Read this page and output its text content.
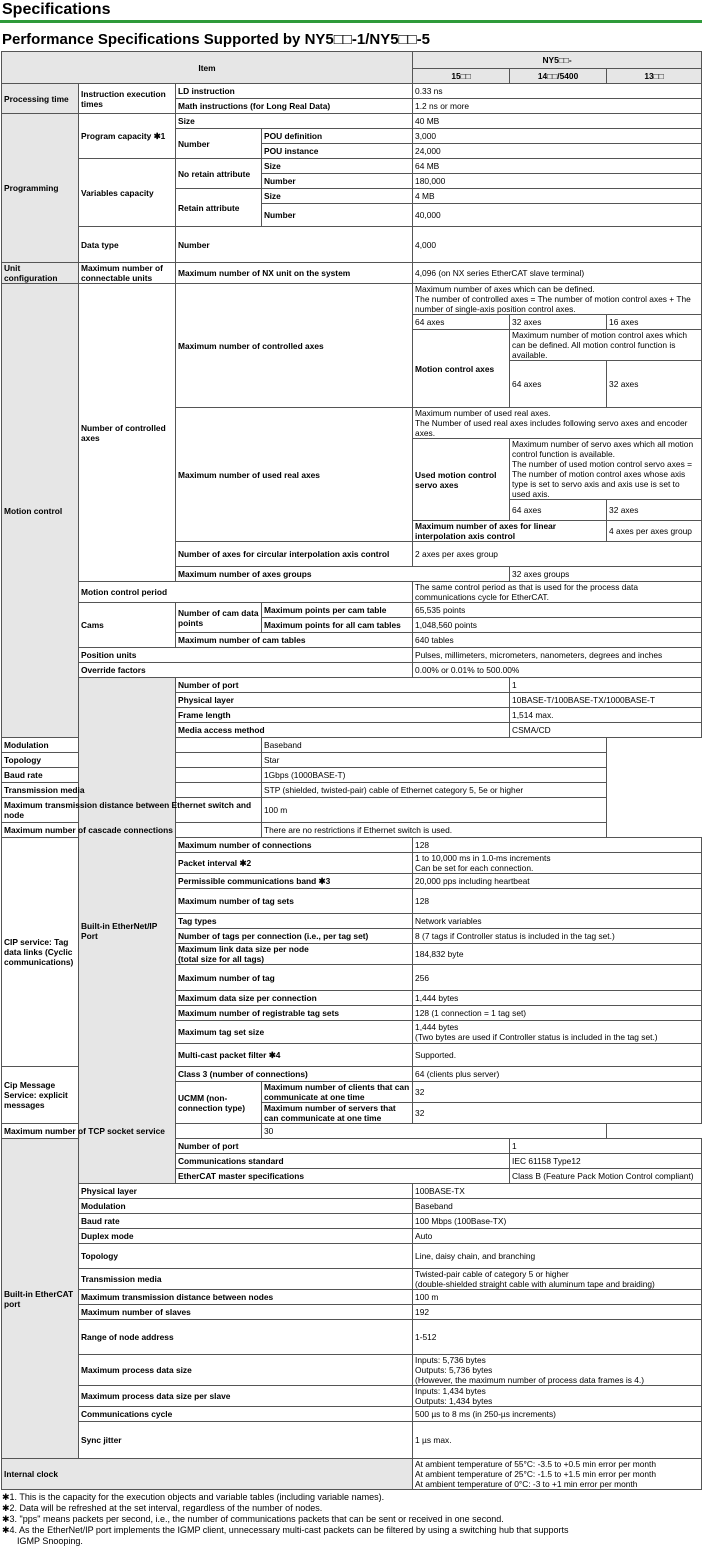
Specifications
Performance Specifications Supported by NY5□□-1/NY5□□-5
Item				NY5□□-			
				15□□	14□□/5400	13□□	
Processing time	Instruction execution times	LD instruction		0.33 ns			
		Math instructions (for Long Real Data)		1.2 ns or more			
Programming	Program capacity ✱1	Size		40 MB			
		Number	POU definition	3,000			
			POU instance	24,000			
	Variables capacity	No retain attribute	Size	64 MB			
			Number	180,000			
		Retain attribute	Size	4 MB			
			Number	40,000			
	Data type	Number		4,000			
Unit configuration	Maximum number of connectable units	Maximum number of NX unit on the system		4,096 (on NX series EtherCAT slave terminal)			
Motion control	Number of controlled axes	Maximum number of controlled axes		Maximum number of axes which can be defined.
The number of controlled axes = The number of motion control axes + The number of single-axis position control axes.			
				64 axes	32 axes	16 axes	
				Motion control axes	Maximum number of motion control axes which can be defined. All motion control function is available.		
					64 axes	32 axes	
		Maximum number of used real axes		Maximum number of used real axes.
The Number of used real axes includes following servo axes and encoder axes.			
				Used motion control servo axes	Maximum number of servo axes which all motion control function is available.
The number of used motion control servo axes = The number of motion control axes whose axis type is set to servo axis and axis use is set to used axis.		
					64 axes	32 axes	
				Maximum number of axes for linear interpolation axis control		4 axes per axes group	
		Number of axes for circular interpolation axis control		2 axes per axes group			
		Maximum number of axes groups			32 axes groups		
	Motion control period			The same control period as that is used for the process data communications cycle for EtherCAT.			
	Cams	Number of cam data points	Maximum points per cam table	65,535 points			
			Maximum points for all cam tables	1,048,560 points			
		Maximum number of cam tables		640 tables			
	Position units			Pulses, millimeters, micrometers, nanometers, degrees and inches			
	Override factors			0.00% or 0.01% to 500.00%			
	Built-in EtherNet/IP Port	Number of port			1		
		Physical layer			10BASE-T/100BASE-TX/1000BASE-T		
		Frame length			1,514 max.		
		Media access method			CSMA/CD		
Modulation			Baseband				
Topology			Star				
Baud rate			1Gbps (1000BASE-T)				
Transmission media			STP (shielded, twisted-pair) cable of Ethernet category 5, 5e or higher				
Maximum transmission distance between Ethernet switch and node			100 m				
Maximum number of cascade connections			There are no restrictions if Ethernet switch is used.				
CIP service: Tag data links (Cyclic communications)		Maximum number of connections		128			
		Packet interval ✱2		1 to 10,000 ms in 1.0-ms increments
Can be set for each connection.			
		Permissible communications band ✱3		20,000 pps including heartbeat			
		Maximum number of tag sets		128			
		Tag types		Network variables			
		Number of tags per connection (i.e., per tag set)		8 (7 tags if Controller status is included in the tag set.)			
		Maximum link data size per node
(total size for all tags)		184,832 byte			
		Maximum number of tag		256			
		Maximum data size per connection		1,444 bytes			
		Maximum number of registrable tag sets		128 (1 connection = 1 tag set)			
		Maximum tag set size		1,444 bytes
(Two bytes are used if Controller status is included in the tag set.)			
		Multi-cast packet filter ✱4		Supported.			
Cip Message Service: explicit messages		Class 3 (number of connections)		64 (clients plus server)			
		UCMM (non-connection type)	Maximum number of clients that can communicate at one time	32			
			Maximum number of servers that can communicate at one time	32			
Maximum number of TCP socket service			30				
Built-in EtherCAT port		Number of port			1		
		Communications standard			IEC 61158 Type12		
		EtherCAT master specifications			Class B (Feature Pack Motion Control compliant)		
	Physical layer			100BASE-TX			
	Modulation			Baseband			
	Baud rate			100 Mbps (100Base-TX)			
	Duplex mode			Auto			
	Topology			Line, daisy chain, and branching			
	Transmission media			Twisted-pair cable of category 5 or higher
(double-shielded straight cable with aluminum tape and braiding)			
	Maximum transmission distance between nodes			100 m			
	Maximum number of slaves			192			
	Range of node address			1-512			
	Maximum process data size			Inputs: 5,736 bytes
Outputs: 5,736 bytes
(However, the maximum number of process data frames is 4.)			
	Maximum process data size per slave			Inputs: 1,434 bytes
Outputs: 1,434 bytes			
	Communications cycle			500 µs to 8 ms (in 250-µs increments)			
	Sync jitter			1 µs max.			
Internal clock				At ambient temperature of 55°C: -3.5 to +0.5 min error per month
At ambient temperature of 25°C: -1.5 to +1.5 min error per month
At ambient temperature of 0°C: -3 to +1 min error per month			
✱1. This is the capacity for the execution objects and variable tables (including variable names).
✱2. Data will be refreshed at the set interval, regardless of the number of nodes.
✱3. "pps" means packets per second, i.e., the number of communications packets that can be sent or received in one second.
✱4. As the EtherNet/IP port implements the IGMP client, unnecessary multi-cast packets can be filtered by using a switching hub that supports
IGMP Snooping.
